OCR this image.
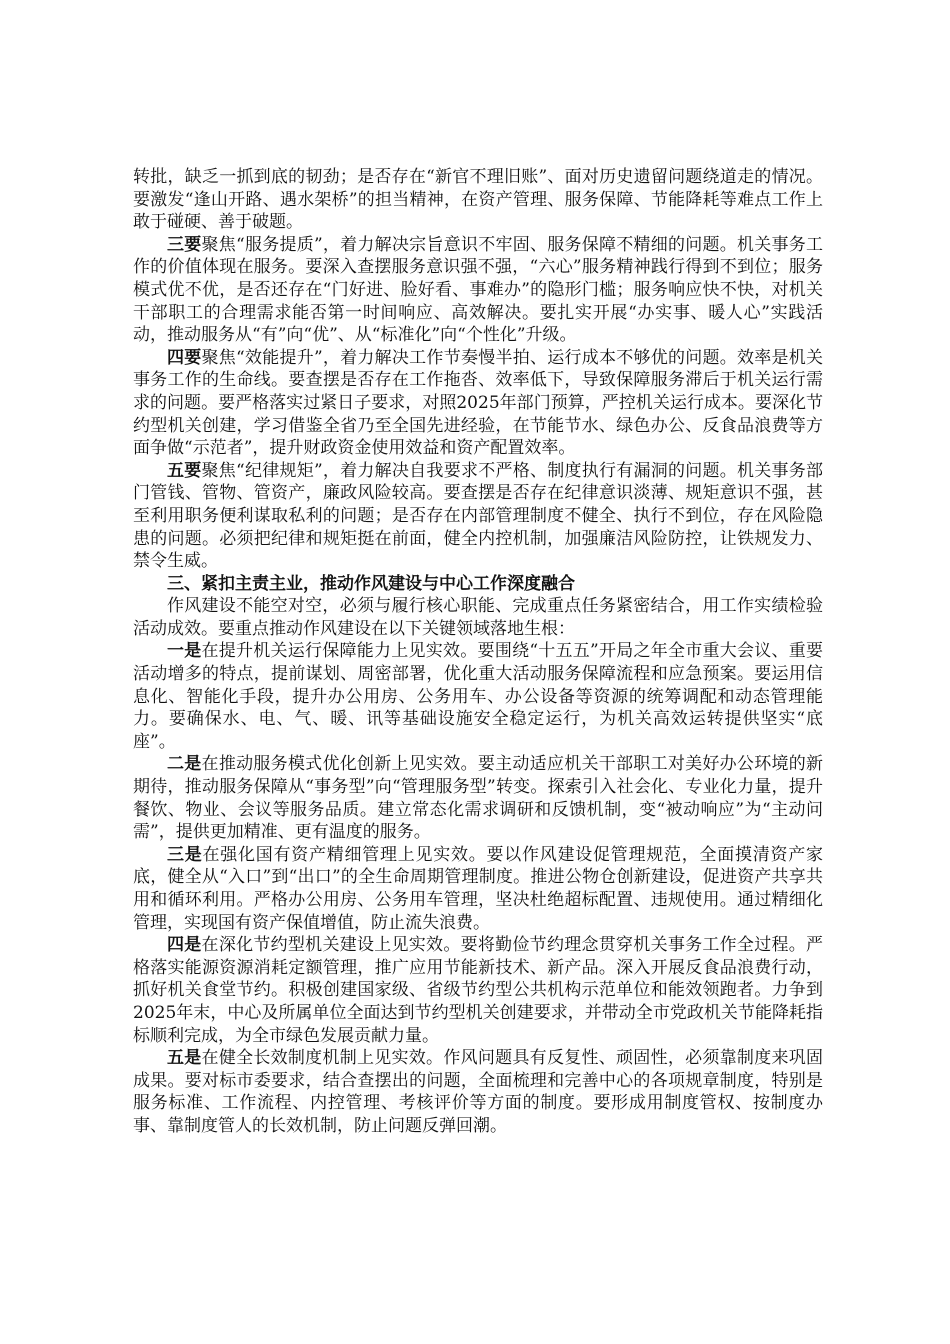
转批，缺乏一抓到底的韧劲；是否存在“新官不理旧账”、面对历史遗留问题绕道走的情况。要激发“逢山开路、遇水架桥”的担当精神，在资产管理、服务保障、节能降耗等难点工作上敢于碰硬、善于破题。

三要聚焦“服务提质”，着力解决宗旨意识不牢固、服务保障不精细的问题。机关事务工作的价值体现在服务。要深入查摆服务意识强不强，“六心”服务精神践行得到不到位；服务模式优不优，是否还存在“门好进、脸好看、事难办”的隐形门槛；服务响应快不快，对机关干部职工的合理需求能否第一时间响应、高效解决。要扎实开展“办实事、暖人心”实践活动，推动服务从“有”向“优”、从“标准化”向“个性化”升级。

四要聚焦“效能提升”，着力解决工作节奏慢半拍、运行成本不够优的问题。效率是机关事务工作的生命线。要查摆是否存在工作拖沓、效率低下，导致保障服务滞后于机关运行需求的问题。要严格落实过紧日子要求，对照2025年部门预算，严控机关运行成本。要深化节约型机关创建，学习借鉴全省乃至全国先进经验，在节能节水、绿色办公、反食品浪费等方面争做“示范者”，提升财政资金使用效益和资产配置效率。

五要聚焦“纪律规矩”，着力解决自我要求不严格、制度执行有漏洞的问题。机关事务部门管钱、管物、管资产，廉政风险较高。要查摆是否存在纪律意识淡薄、规矩意识不强，甚至利用职务便利谋取私利的问题；是否存在内部管理制度不健全、执行不到位，存在风险隐患的问题。必须把纪律和规矩挺在前面，健全内控机制，加强廉洁风险防控，让铁规发力、禁令生威。

三、紧扣主责主业，推动作风建设与中心工作深度融合

作风建设不能空对空，必须与履行核心职能、完成重点任务紧密结合，用工作实绩检验活动成效。要重点推动作风建设在以下关键领域落地生根：

一是在提升机关运行保障能力上见实效。要围绕“十五五”开局之年全市重大会议、重要活动增多的特点，提前谋划、周密部署，优化重大活动服务保障流程和应急预案。要运用信息化、智能化手段，提升办公用房、公务用车、办公设备等资源的统筹调配和动态管理能力。要确保水、电、气、暖、讯等基础设施安全稳定运行，为机关高效运转提供坚实“底座”。

二是在推动服务模式优化创新上见实效。要主动适应机关干部职工对美好办公环境的新期待，推动服务保障从“事务型”向“管理服务型”转变。探索引入社会化、专业化力量，提升餐饮、物业、会议等服务品质。建立常态化需求调研和反馈机制，变“被动响应”为“主动问需”，提供更加精准、更有温度的服务。

三是在强化国有资产精细管理上见实效。要以作风建设促管理规范，全面摸清资产家底，健全从“入口”到“出口”的全生命周期管理制度。推进公物仓创新建设，促进资产共享共用和循环利用。严格办公用房、公务用车管理，坚决杜绝超标配置、违规使用。通过精细化管理，实现国有资产保值增值，防止流失浪费。

四是在深化节约型机关建设上见实效。要将勤俭节约理念贯穿机关事务工作全过程。严格落实能源资源消耗定额管理，推广应用节能新技术、新产品。深入开展反食品浪费行动，抓好机关食堂节约。积极创建国家级、省级节约型公共机构示范单位和能效领跑者。力争到2025年末，中心及所属单位全面达到节约型机关创建要求，并带动全市党政机关节能降耗指标顺利完成，为全市绿色发展贡献力量。

五是在健全长效制度机制上见实效。作风问题具有反复性、顽固性，必须靠制度来巩固成果。要对标市委要求，结合查摆出的问题，全面梳理和完善中心的各项规章制度，特别是服务标准、工作流程、内控管理、考核评价等方面的制度。要形成用制度管权、按制度办事、靠制度管人的长效机制，防止问题反弹回潮。
